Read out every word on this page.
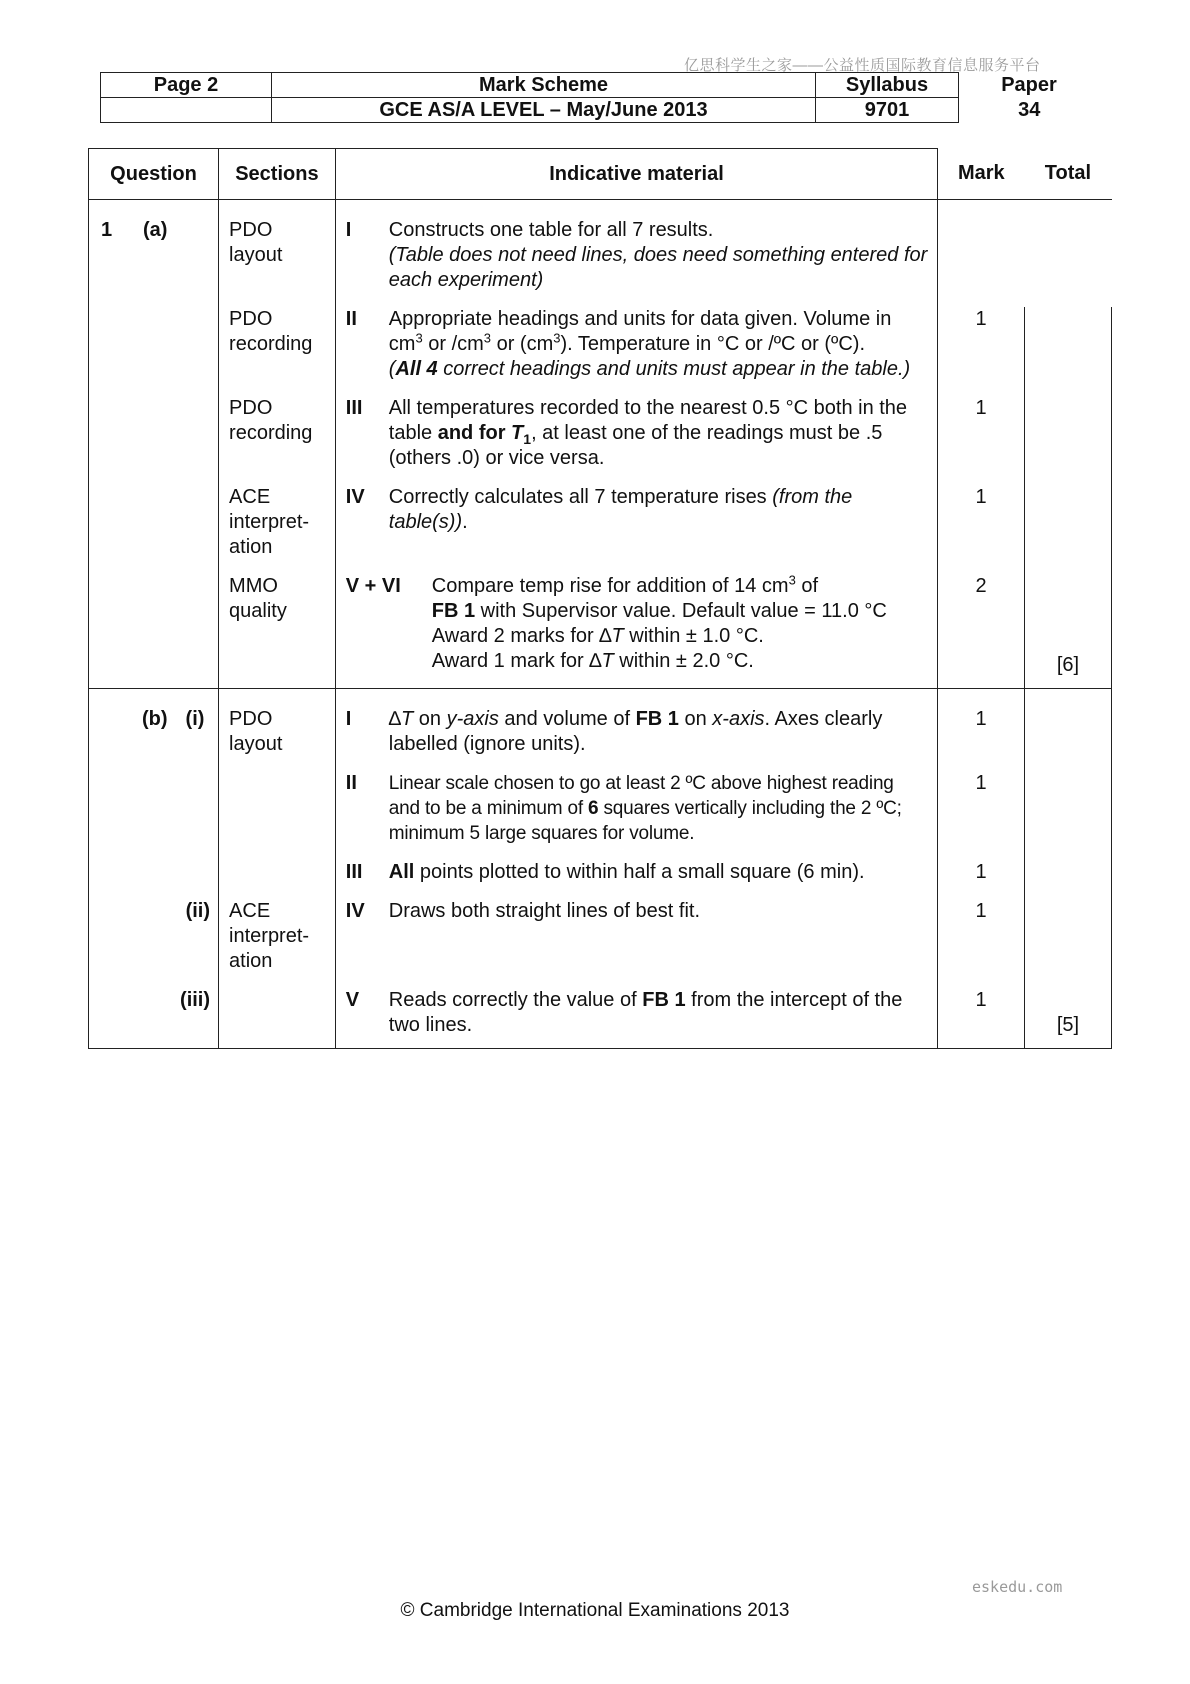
亿思科学生之家——公益性质国际教育信息服务平台
Page 2	Mark Scheme	Syllabus	Paper
	GCE AS/A LEVEL – May/June 2013	9701	34
Question	Sections	Indicative material	Mark	Total
1 (a)	PDO layout	I Constructs one table for all 7 results.
(Table does not need lines, does need something entered for each experiment)		

	PDO recording	II Appropriate headings and units for data given. Volume in $cm^3$ or $/cm^3$ or $(cm^3)$. Temperature in °C or /ºC or (ºC).
(All 4 correct headings and units must appear in the table.)	1	

	PDO recording	III All temperatures recorded to the nearest 0.5 °C both in the table and for $T_1$, at least one of the readings must be .5 (others .0) or vice versa.	1	

	ACE interpret-ation	IV Correctly calculates all 7 temperature rises (from the table(s)).	1	

	MMO quality	V + VI Compare temp rise for addition of 14 $cm^3$ of
FB 1 with Supervisor value. Default value = 11.0 °C
Award 2 marks for ∆T within ± 1.0 °C.
Award 1 mark for ∆T within ± 2.0 °C.	2	[6]
(b) (i)	PDO layout	I ∆T on y-axis and volume of FB 1 on x-axis. Axes clearly labelled (ignore units).	1	

		II Linear scale chosen to go at least 2 ºC above highest reading and to be a minimum of 6 squares vertically including the 2 ºC; minimum 5 large squares for volume.	1	

		III All points plotted to within half a small square (6 min).	1	

(ii)	ACE interpret-ation	IV Draws both straight lines of best fit.	1	

(iii)		V Reads correctly the value of FB 1 from the intercept of the two lines.	1	[5]
eskedu.com
© Cambridge International Examinations 2013
